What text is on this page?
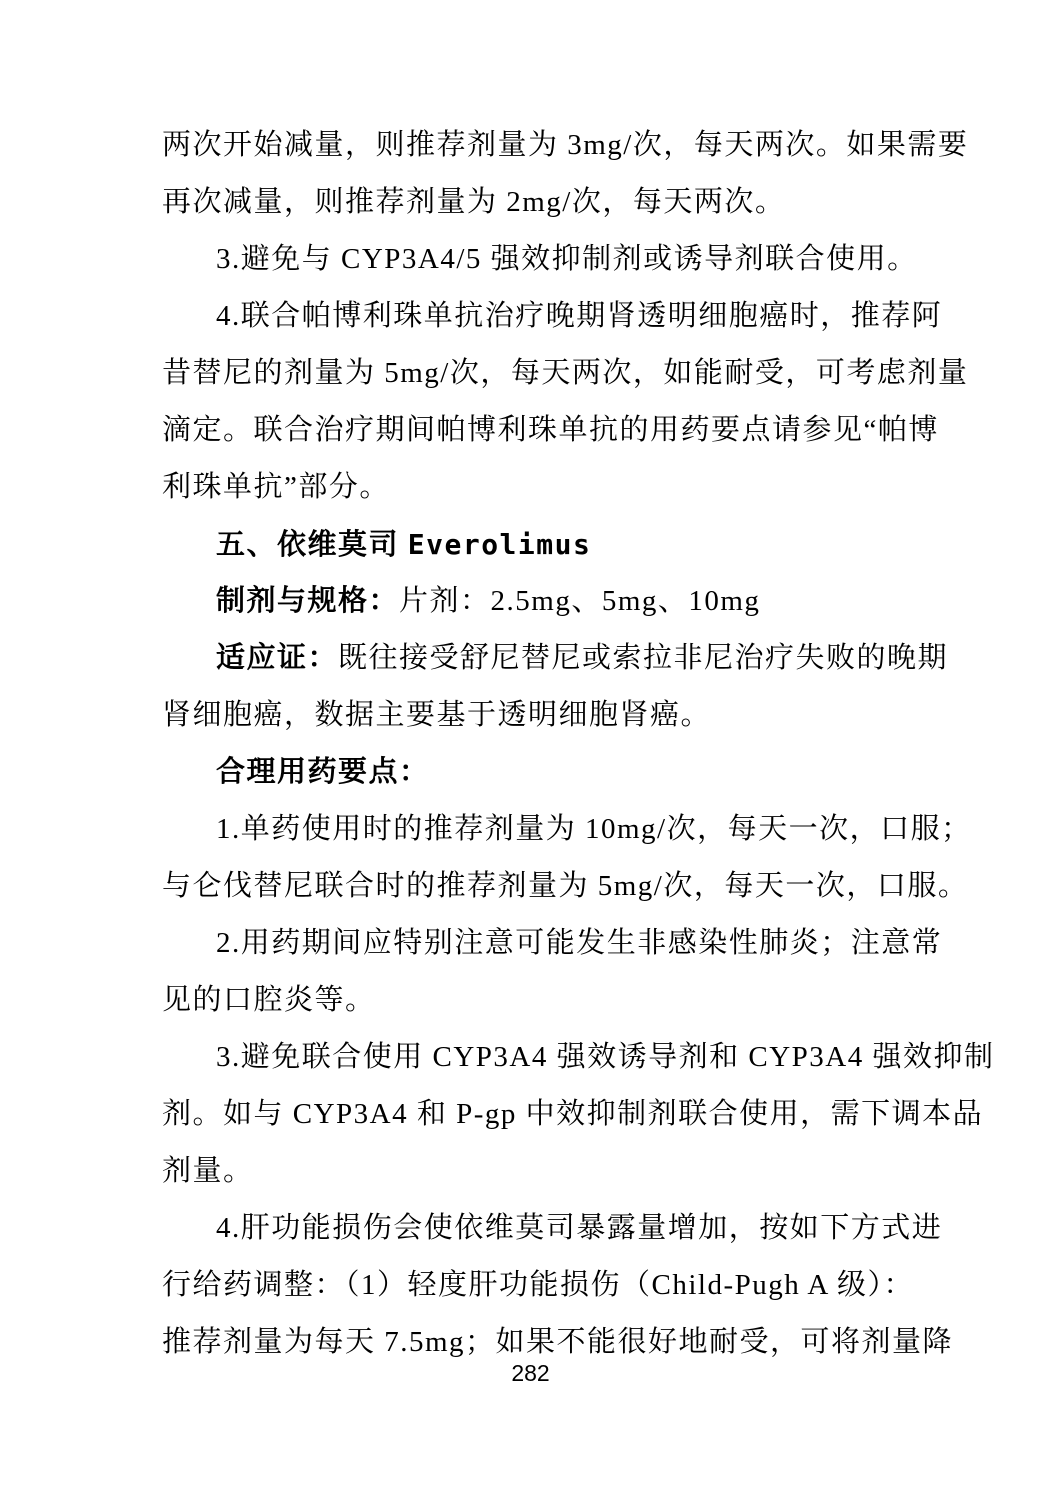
两次开始减量，则推荐剂量为 3mg/次，每天两次。如果需要
再次减量，则推荐剂量为 2mg/次，每天两次。
3.避免与 CYP3A4/5 强效抑制剂或诱导剂联合使用。
4.联合帕博利珠单抗治疗晚期肾透明细胞癌时，推荐阿
昔替尼的剂量为 5mg/次，每天两次，如能耐受，可考虑剂量
滴定。联合治疗期间帕博利珠单抗的用药要点请参见“帕博
利珠单抗”部分。
五、依维莫司 Everolimus
制剂与规格：片剂：2.5mg、5mg、10mg
适应证：既往接受舒尼替尼或索拉非尼治疗失败的晚期
肾细胞癌，数据主要基于透明细胞肾癌。
合理用药要点：
1.单药使用时的推荐剂量为 10mg/次，每天一次，口服；
与仑伐替尼联合时的推荐剂量为 5mg/次，每天一次，口服。
2.用药期间应特别注意可能发生非感染性肺炎；注意常
见的口腔炎等。
3.避免联合使用 CYP3A4 强效诱导剂和 CYP3A4 强效抑制
剂。如与 CYP3A4 和 P-gp 中效抑制剂联合使用，需下调本品
剂量。
4.肝功能损伤会使依维莫司暴露量增加，按如下方式进
行给药调整：（1）轻度肝功能损伤（Child-Pugh A 级）：
推荐剂量为每天 7.5mg；如果不能很好地耐受，可将剂量降
282
